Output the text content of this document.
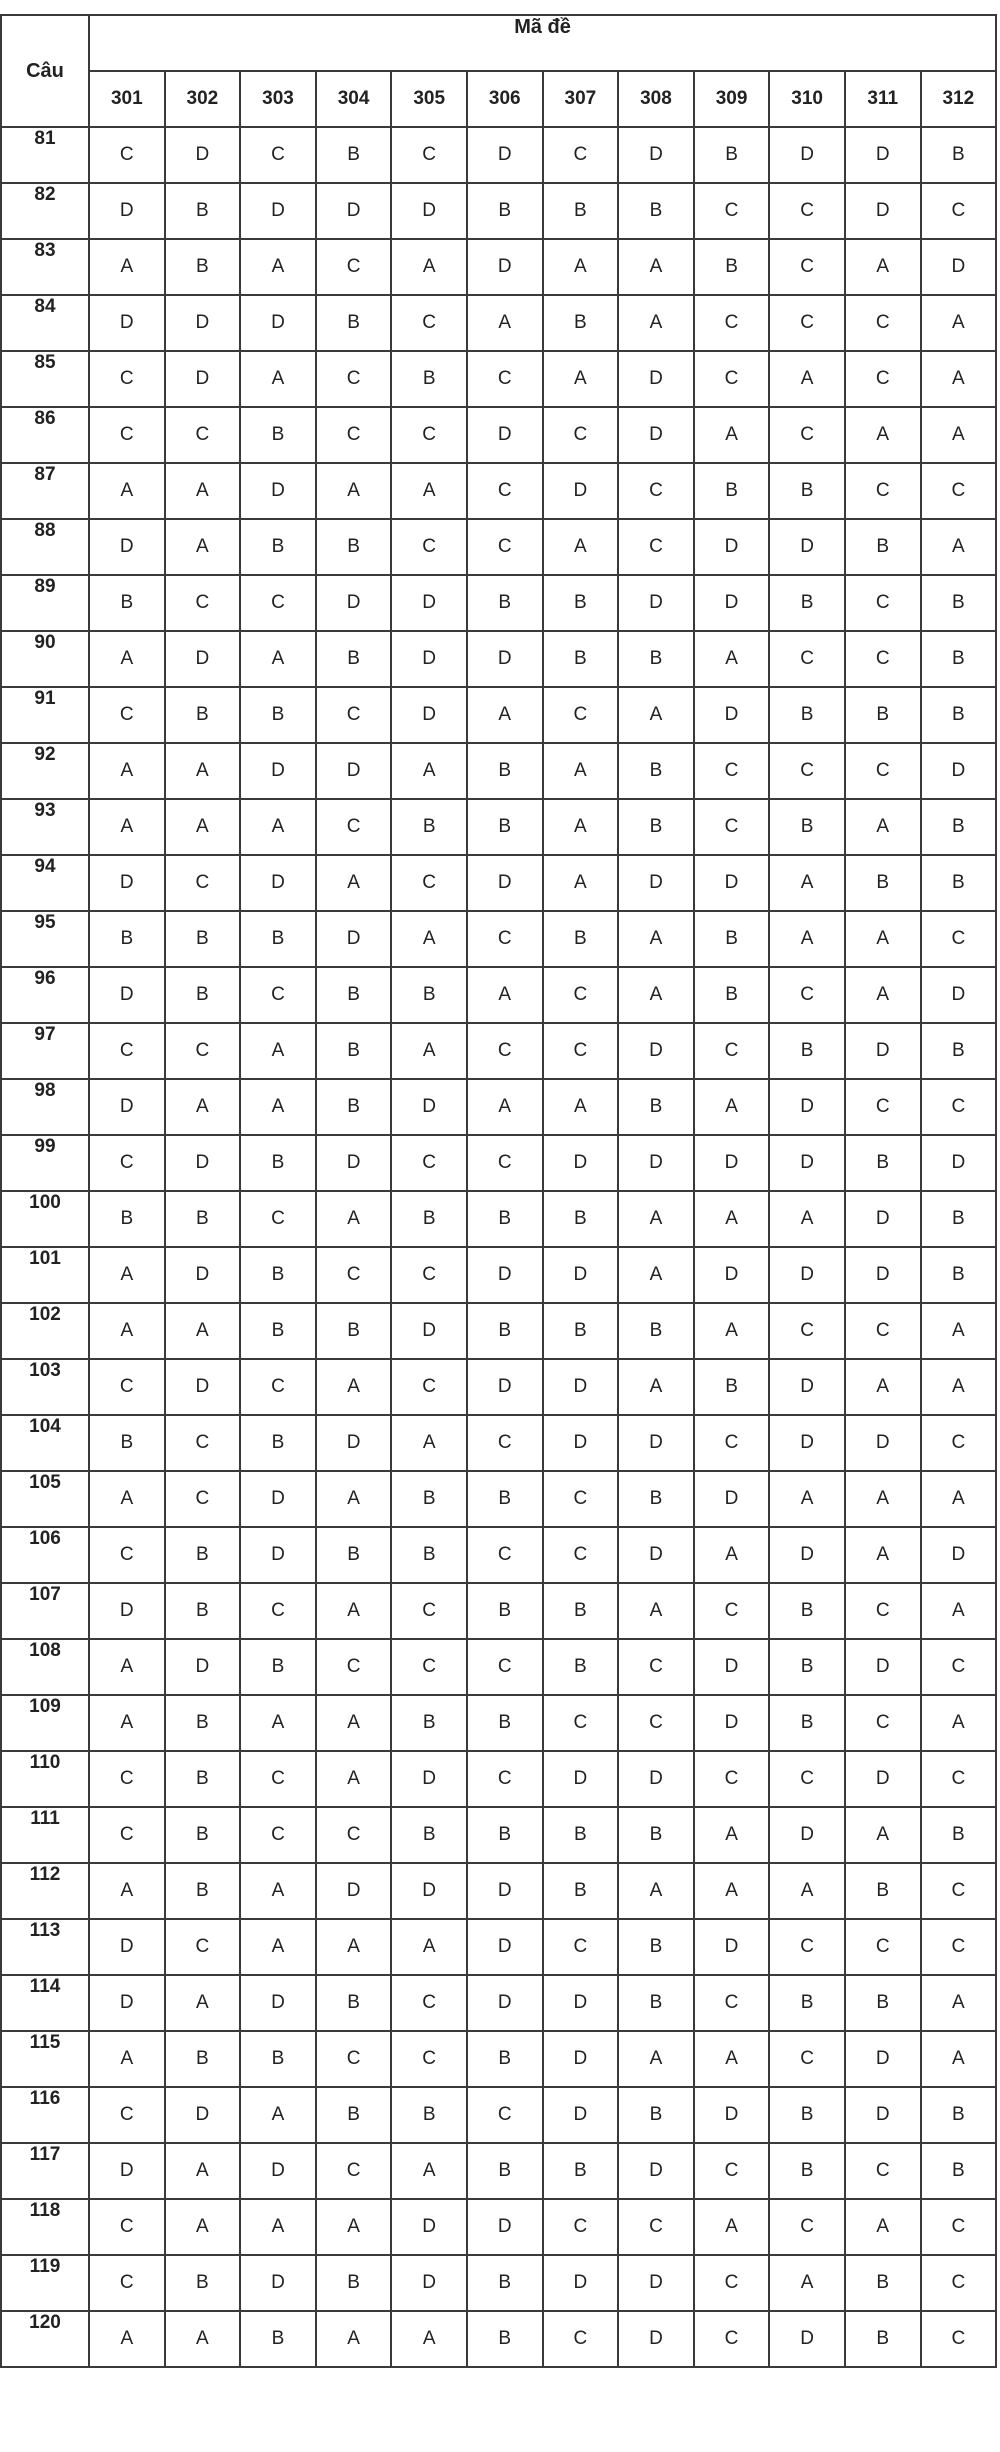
Câu	Mã đề											
	301	302	303	304	305	306	307	308	309	310	311	312
81	C	D	C	B	C	D	C	D	B	D	D	B
82	D	B	D	D	D	B	B	B	C	C	D	C
83	A	B	A	C	A	D	A	A	B	C	A	D
84	D	D	D	B	C	A	B	A	C	C	C	A
85	C	D	A	C	B	C	A	D	C	A	C	A
86	C	C	B	C	C	D	C	D	A	C	A	A
87	A	A	D	A	A	C	D	C	B	B	C	C
88	D	A	B	B	C	C	A	C	D	D	B	A
89	B	C	C	D	D	B	B	D	D	B	C	B
90	A	D	A	B	D	D	B	B	A	C	C	B
91	C	B	B	C	D	A	C	A	D	B	B	B
92	A	A	D	D	A	B	A	B	C	C	C	D
93	A	A	A	C	B	B	A	B	C	B	A	B
94	D	C	D	A	C	D	A	D	D	A	B	B
95	B	B	B	D	A	C	B	A	B	A	A	C
96	D	B	C	B	B	A	C	A	B	C	A	D
97	C	C	A	B	A	C	C	D	C	B	D	B
98	D	A	A	B	D	A	A	B	A	D	C	C
99	C	D	B	D	C	C	D	D	D	D	B	D
100	B	B	C	A	B	B	B	A	A	A	D	B
101	A	D	B	C	C	D	D	A	D	D	D	B
102	A	A	B	B	D	B	B	B	A	C	C	A
103	C	D	C	A	C	D	D	A	B	D	A	A
104	B	C	B	D	A	C	D	D	C	D	D	C
105	A	C	D	A	B	B	C	B	D	A	A	A
106	C	B	D	B	B	C	C	D	A	D	A	D
107	D	B	C	A	C	B	B	A	C	B	C	A
108	A	D	B	C	C	C	B	C	D	B	D	C
109	A	B	A	A	B	B	C	C	D	B	C	A
110	C	B	C	A	D	C	D	D	C	C	D	C
111	C	B	C	C	B	B	B	B	A	D	A	B
112	A	B	A	D	D	D	B	A	A	A	B	C
113	D	C	A	A	A	D	C	B	D	C	C	C
114	D	A	D	B	C	D	D	B	C	B	B	A
115	A	B	B	C	C	B	D	A	A	C	D	A
116	C	D	A	B	B	C	D	B	D	B	D	B
117	D	A	D	C	A	B	B	D	C	B	C	B
118	C	A	A	A	D	D	C	C	A	C	A	C
119	C	B	D	B	D	B	D	D	C	A	B	C
120	A	A	B	A	A	B	C	D	C	D	B	C
